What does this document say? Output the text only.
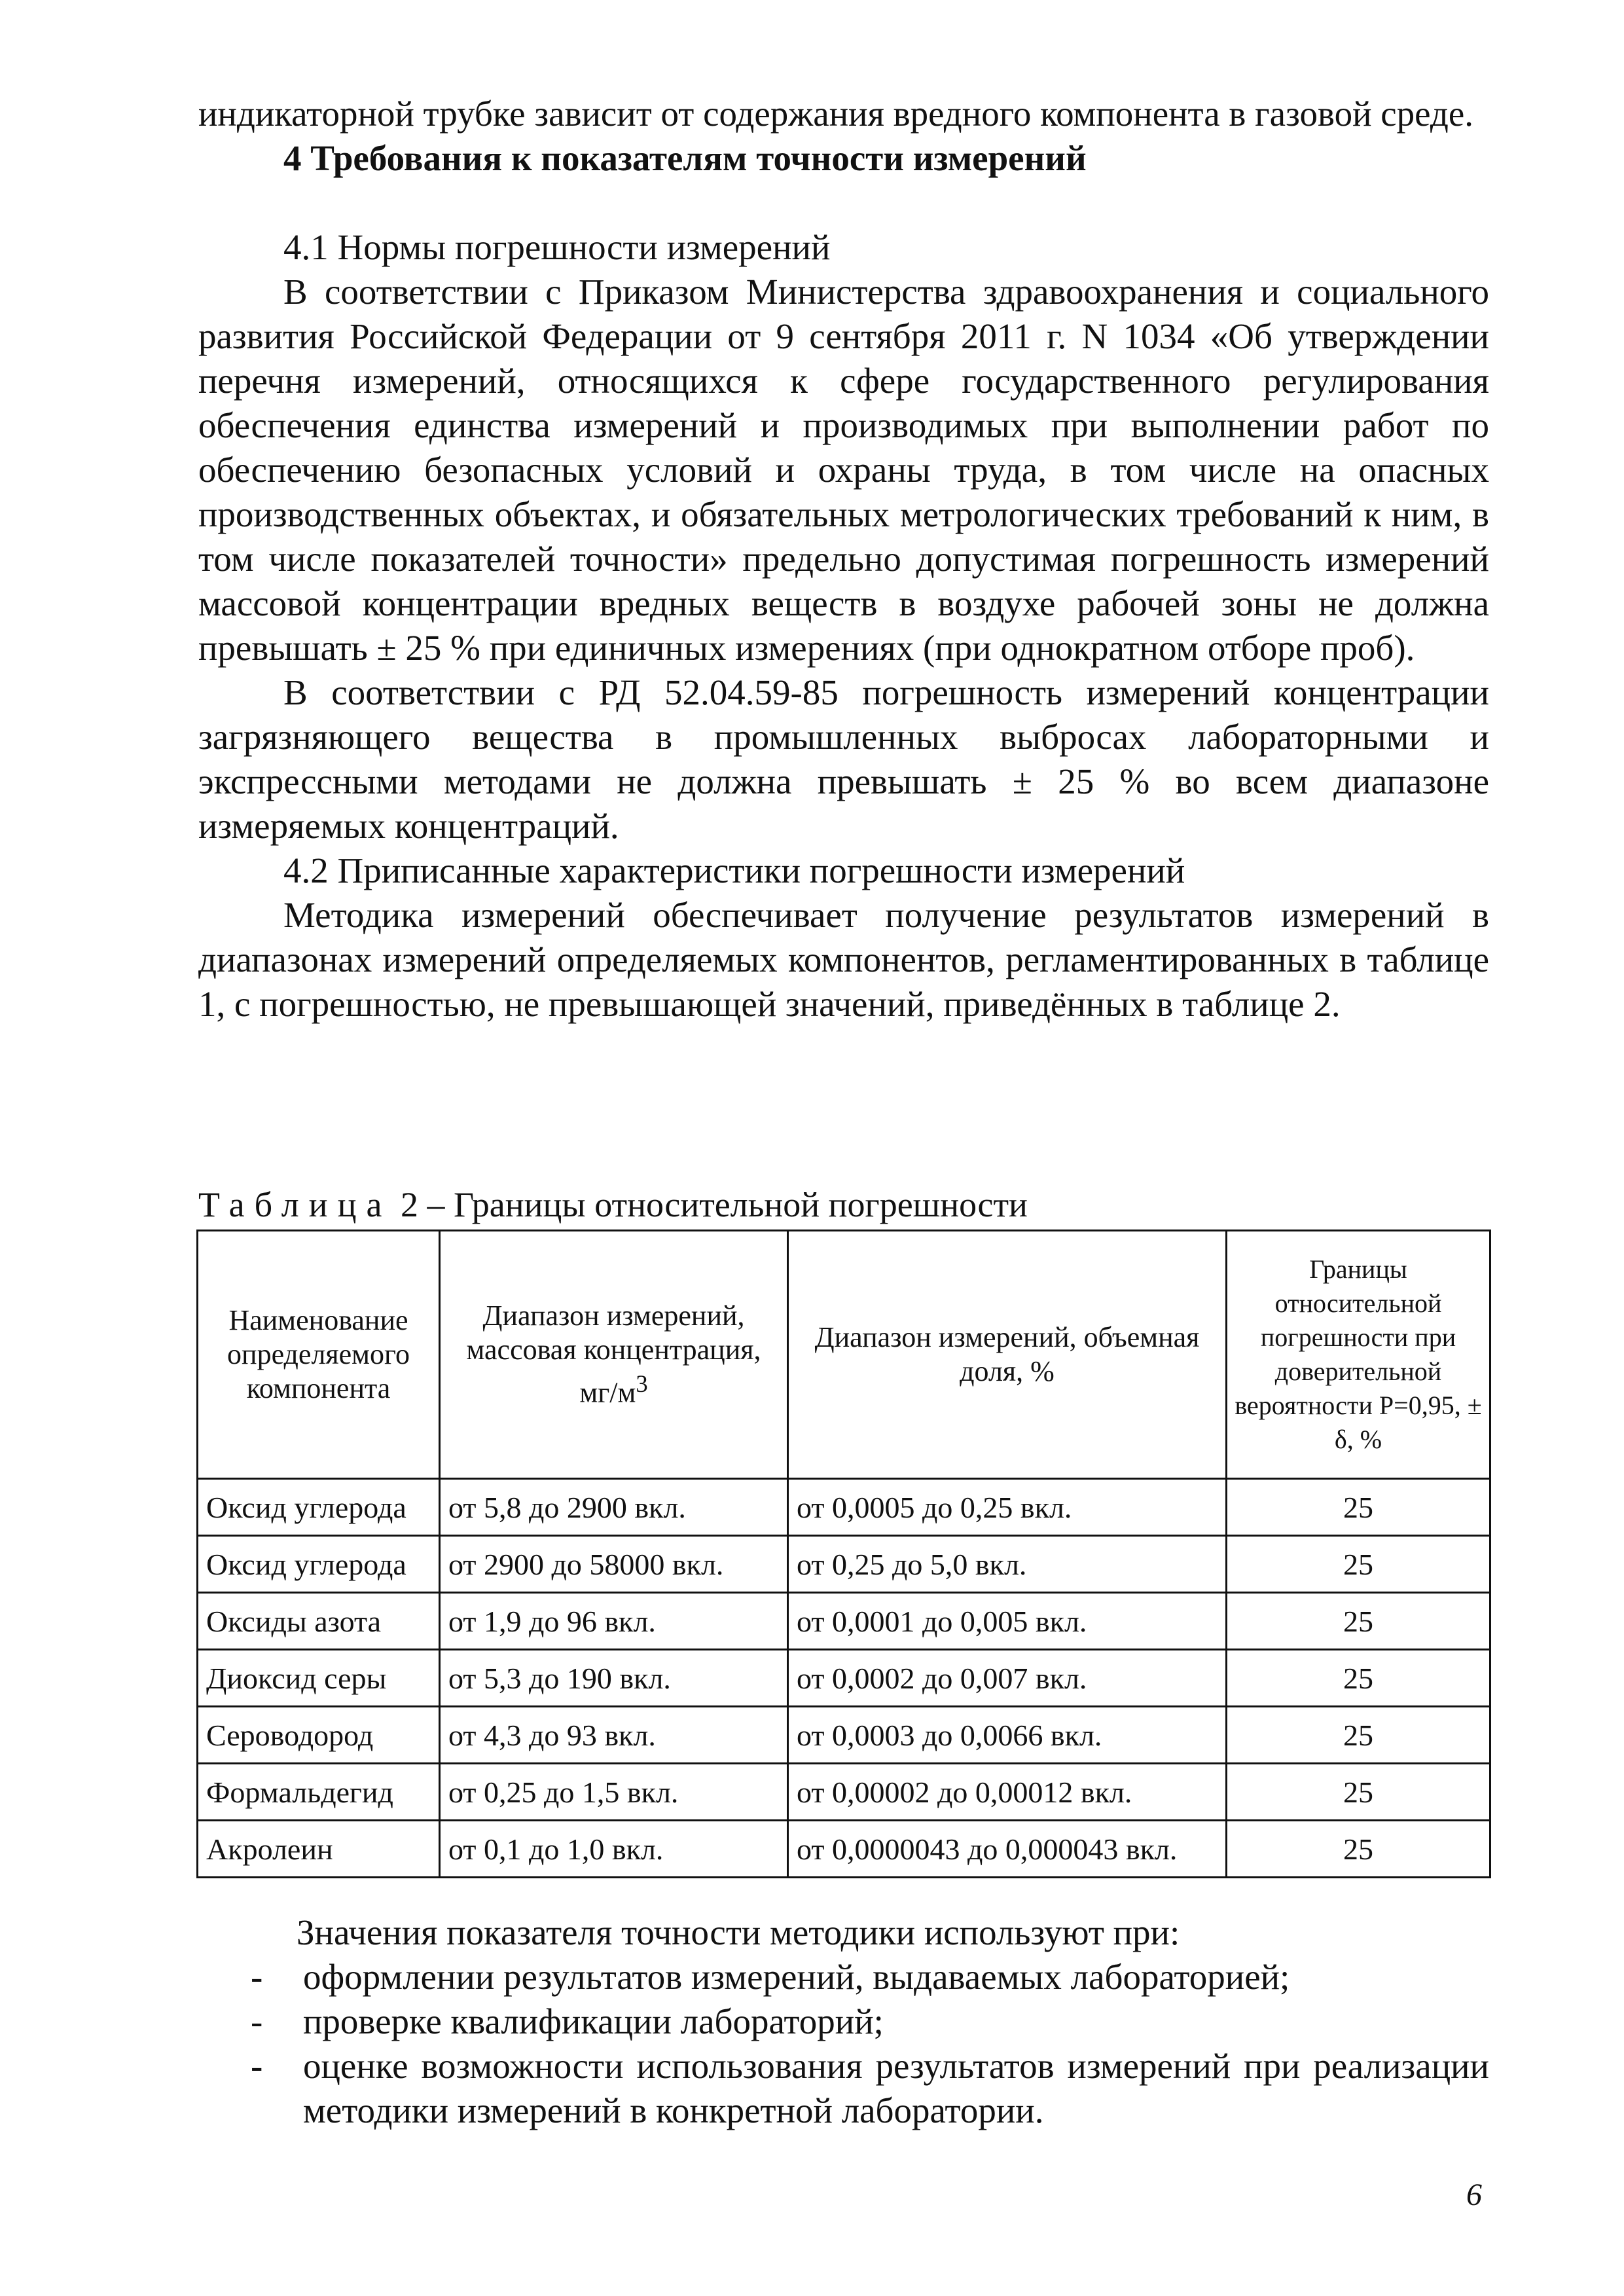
индикаторной трубке зависит от содержания вредного компонента в газовой среде.

4 Требования к показателям точности измерений

4.1 Нормы погрешности измерений

В соответствии с Приказом Министерства здравоохранения и социального развития Российской Федерации от 9 сентября 2011 г. N 1034 «Об утверждении перечня измерений, относящихся к сфере государственного регулирования обеспечения единства измерений и производимых при выполнении работ по обеспечению безопасных условий и охраны труда, в том числе на опасных производственных объектах, и обязательных метрологических требований к ним, в том числе показателей точности» предельно допустимая погрешность измерений массовой концентрации вредных веществ в воздухе рабочей зоны не должна превышать ± 25 % при единичных измерениях (при однократном отборе проб).

В соответствии с РД 52.04.59-85 погрешность измерений концентрации загрязняющего вещества в промышленных выбросах лабораторными и экспрессными методами не должна превышать ± 25 % во всем диапазоне измеряемых концентраций.

4.2 Приписанные характеристики погрешности измерений

Методика измерений обеспечивает получение результатов измерений в диапазонах измерений определяемых компонентов, регламентированных в таблице 1, с погрешностью, не превышающей значений, приведённых в таблице 2.

Таблица 2 – Границы относительной погрешности
Наименование определяемого компонента	Диапазон измерений, массовая концентрация, $мг/м^3$	Диапазон измерений, объемная доля, %	Границы относительной погрешности при доверительной вероятности Р=0,95, ± δ, %
Оксид углерода	от 5,8 до 2900 вкл.	от 0,0005 до 0,25 вкл.	25
Оксид углерода	от 2900 до 58000 вкл.	от 0,25 до 5,0 вкл.	25
Оксиды азота	от 1,9 до 96 вкл.	от 0,0001 до 0,005 вкл.	25
Диоксид серы	от 5,3 до 190 вкл.	от 0,0002 до 0,007 вкл.	25
Сероводород	от 4,3 до 93 вкл.	от 0,0003 до 0,0066 вкл.	25
Формальдегид	от 0,25 до 1,5 вкл.	от 0,00002 до 0,00012 вкл.	25
Акролеин	от 0,1 до 1,0 вкл.	от 0,0000043 до 0,000043 вкл.	25

Значения показателя точности методики используют при:

- оформлении результатов измерений, выдаваемых лабораторией;
- проверке квалификации лабораторий;
- оценке возможности использования результатов измерений при реализации методики измерений в конкретной лаборатории.
6
